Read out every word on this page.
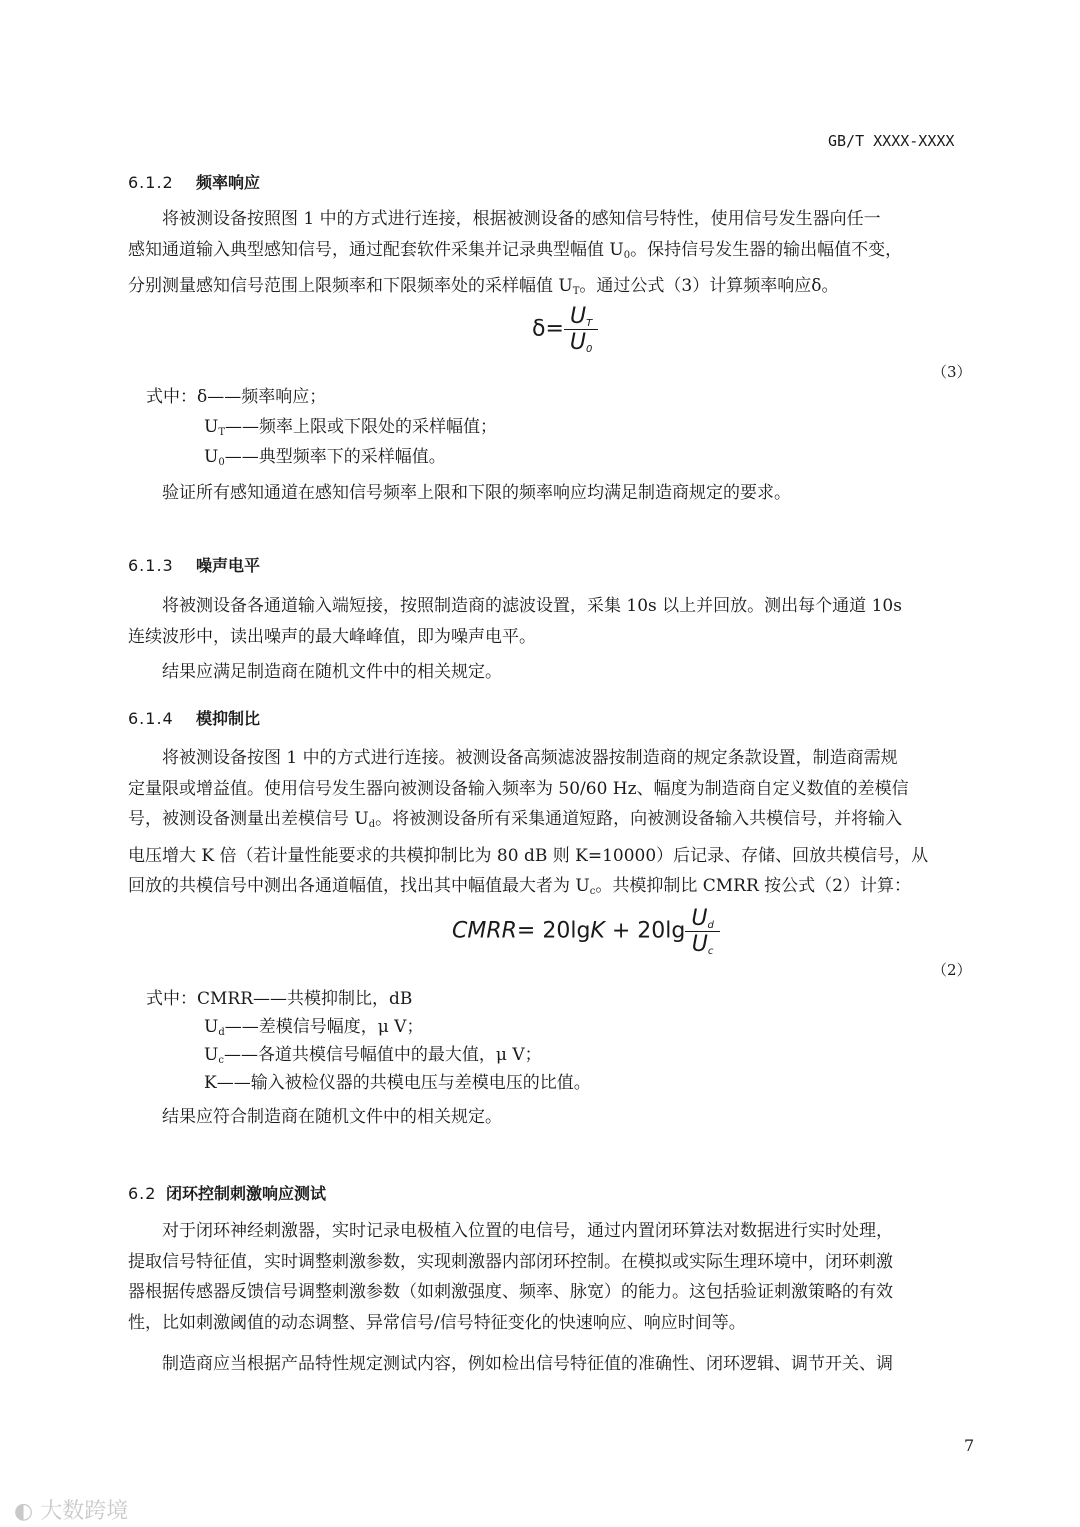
GB/T XXXX-XXXX
6.1.2 频率响应
将被测设备按照图 1 中的方式进行连接，根据被测设备的感知信号特性，使用信号发生器向任一
感知通道输入典型感知信号，通过配套软件采集并记录典型幅值 $U_0$。保持信号发生器的输出幅值不变，
分别测量感知信号范围上限频率和下限频率处的采样幅值 $U_T$。通过公式（3）计算频率响应δ。
$\delta= \frac{U_T}{U_0}$
（3）
式中：δ——频率响应；
$U_T——$频率上限或下限处的采样幅值；
$U_0——$典型频率下的采样幅值。
验证所有感知通道在感知信号频率上限和下限的频率响应均满足制造商规定的要求。
6.1.3 噪声电平
将被测设备各通道输入端短接，按照制造商的滤波设置，采集 10s 以上并回放。测出每个通道 10s
连续波形中，读出噪声的最大峰峰值，即为噪声电平。
结果应满足制造商在随机文件中的相关规定。
6.1.4 模抑制比
将被测设备按图 1 中的方式进行连接。被测设备高频滤波器按制造商的规定条款设置，制造商需规
定量限或增益值。使用信号发生器向被测设备输入频率为 50/60 Hz、幅度为制造商自定义数值的差模信
号，被测设备测量出差模信号 $U_d$。将被测设备所有采集通道短路，向被测设备输入共模信号，并将输入
电压增大 K 倍（若计量性能要求的共模抑制比为 80 dB 则 K=10000）后记录、存储、回放共模信号，从
回放的共模信号中测出各通道幅值，找出其中幅值最大者为 $U_c$。共模抑制比 CMRR 按公式（2）计算：
CMRR= $20\lg K + 20\lg \frac{U_d}{U_c}$
（2）
式中：CMRR——共模抑制比，dB
$U_d——$差模信号幅度，μ V；
$U_c——$各道共模信号幅值中的最大值，μ V；
K——输入被检仪器的共模电压与差模电压的比值。
结果应符合制造商在随机文件中的相关规定。
6.2 闭环控制刺激响应测试
对于闭环神经刺激器，实时记录电极植入位置的电信号，通过内置闭环算法对数据进行实时处理，
提取信号特征值，实时调整刺激参数，实现刺激器内部闭环控制。在模拟或实际生理环境中，闭环刺激
器根据传感器反馈信号调整刺激参数（如刺激强度、频率、脉宽）的能力。这包括验证刺激策略的有效
性，比如刺激阈值的动态调整、异常信号/信号特征变化的快速响应、响应时间等。
制造商应当根据产品特性规定测试内容，例如检出信号特征值的准确性、闭环逻辑、调节开关、调
7
◐ 大数跨境
